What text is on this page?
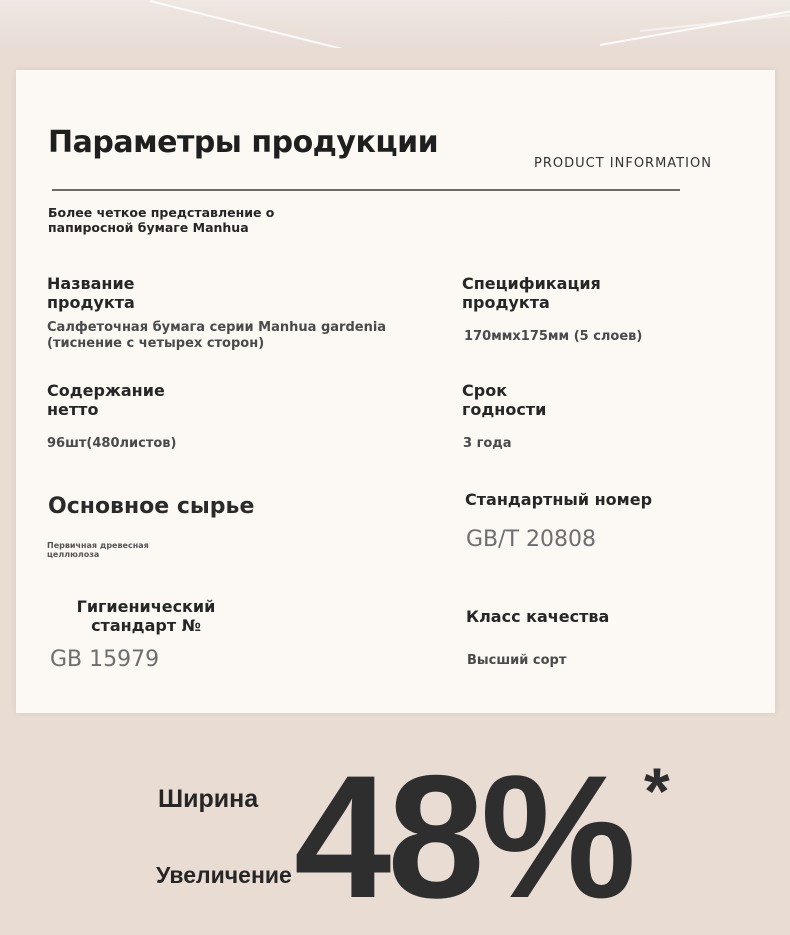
Параметры продукции
PRODUCT INFORMATION
Более четкое представление о папиросной бумаге Manhua
Название продукта
Салфеточная бумага серии Manhua gardenia (тиснение с четырех сторон)
Спецификация продукта
170ммх175мм (5 слоев)
Содержание нетто
96шт(480листов)
Срок годности
3 года
Основное сырье
Первичная древесная целлюлоза
Стандартный номер
GB/T 20808
Гигиенический стандарт №
GB 15979
Класс качества
Высший сорт
Ширина
Увеличение 48% *
